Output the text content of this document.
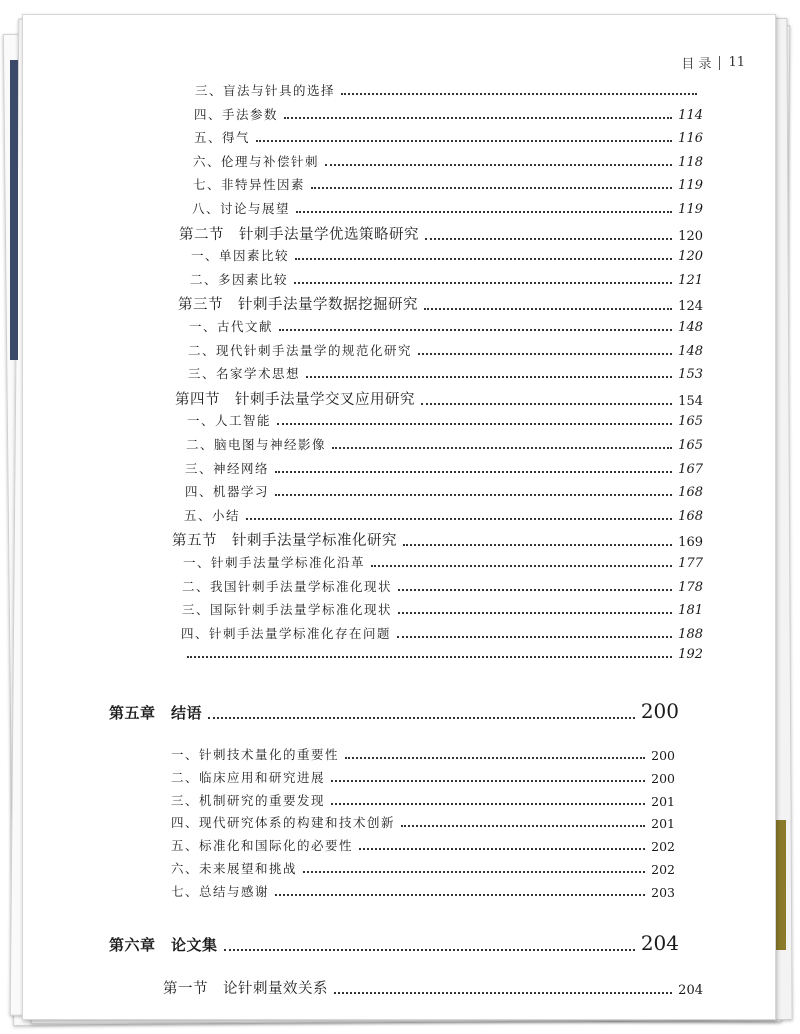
目 录 11
三、盲法与针具的选择
四、手法参数	114
五、得气	116
六、伦理与补偿针刺	118
七、非特异性因素	119
八、讨论与展望	119
第二节　针刺手法量学优选策略研究	120
一、单因素比较	120
二、多因素比较	121
第三节　针刺手法量学数据挖掘研究	124
一、古代文献	148
二、现代针刺手法量学的规范化研究	148
三、名家学术思想	153
第四节　针刺手法量学交叉应用研究	154
一、人工智能	165
二、脑电图与神经影像	165
三、神经网络	167
四、机器学习	168
五、小结	168
第五节　针刺手法量学标准化研究	169
一、针刺手法量学标准化沿革	177
二、我国针刺手法量学标准化现状	178
三、国际针刺手法量学标准化现状	181
四、针刺手法量学标准化存在问题	188
192
第五章　结语	200
一、针刺技术量化的重要性	200
二、临床应用和研究进展	200
三、机制研究的重要发现	201
四、现代研究体系的构建和技术创新	201
五、标准化和国际化的必要性	202
六、未来展望和挑战	202
七、总结与感谢	203
第六章　论文集	204
第一节　论针刺量效关系	204
